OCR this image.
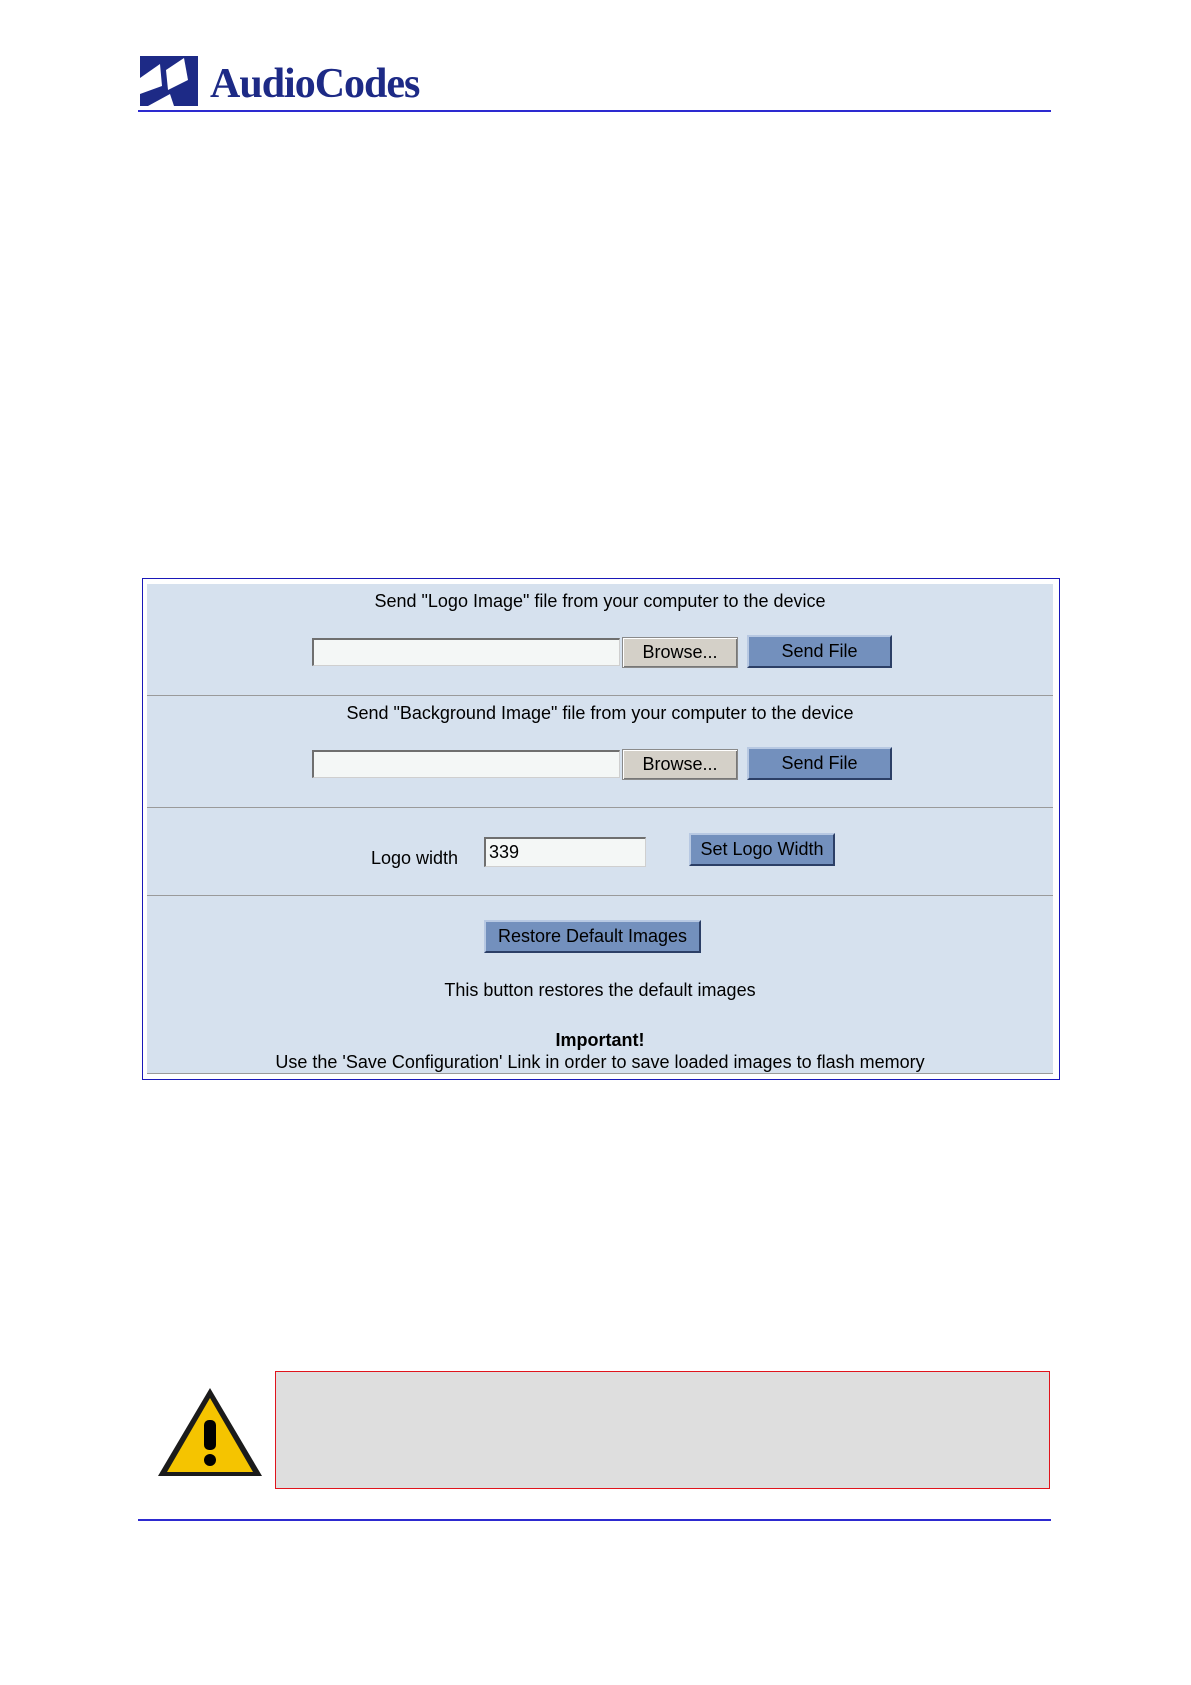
AudioCodes
Send "Logo Image" file from your computer to the device
Browse...	Send File
Send "Background Image" file from your computer to the device
Browse...	Send File
Logo width
339	Set Logo Width
Restore Default Images
This button restores the default images
Important!
Use the 'Save Configuration' Link in order to save loaded images to flash memory
